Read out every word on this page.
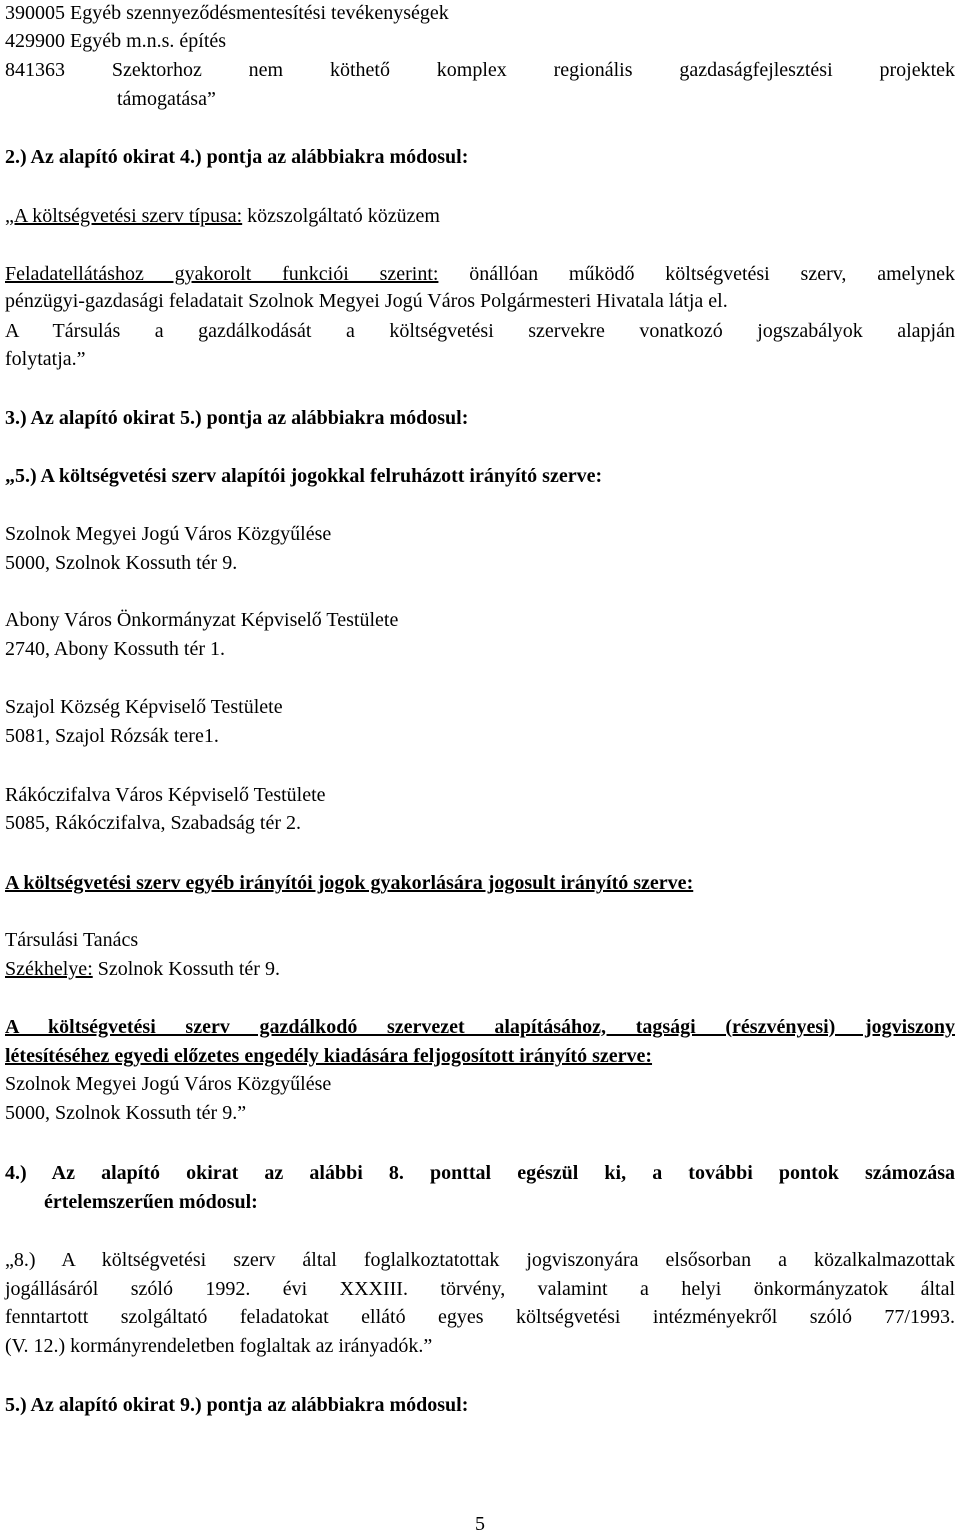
390005 Egyéb szennyeződésmentesítési tevékenységek
429900 Egyéb m.n.s. építés
841363 Szektorhoz nem köthető komplex regionális gazdaságfejlesztési projektek
támogatása”
2.) Az alapító okirat 4.) pontja az alábbiakra módosul:
„A költségvetési szerv típusa: közszolgáltató közüzem
Feladatellátáshoz gyakorolt funkciói szerint: önállóan működő költségvetési szerv, amelynek
pénzügyi-gazdasági feladatait Szolnok Megyei Jogú Város Polgármesteri Hivatala látja el.
A Társulás a gazdálkodását a költségvetési szervekre vonatkozó jogszabályok alapján
folytatja.”
3.) Az alapító okirat 5.) pontja az alábbiakra módosul:
„5.) A költségvetési szerv alapítói jogokkal felruházott irányító szerve:
Szolnok Megyei Jogú Város Közgyűlése
5000, Szolnok Kossuth tér 9.
Abony Város Önkormányzat Képviselő Testülete
2740, Abony Kossuth tér 1.
Szajol Község Képviselő Testülete
5081, Szajol Rózsák tere1.
Rákóczifalva Város Képviselő Testülete
5085, Rákóczifalva, Szabadság tér 2.
A költségvetési szerv egyéb irányítói jogok gyakorlására jogosult irányító szerve:
Társulási Tanács
Székhelye: Szolnok Kossuth tér 9.
A költségvetési szerv gazdálkodó szervezet alapításához, tagsági (részvényesi) jogviszony
létesítéséhez egyedi előzetes engedély kiadására feljogosított irányító szerve:
Szolnok Megyei Jogú Város Közgyűlése
5000, Szolnok Kossuth tér 9.”
4.) Az alapító okirat az alábbi 8. ponttal egészül ki, a további pontok számozása
értelemszerűen módosul:
„8.) A költségvetési szerv által foglalkoztatottak jogviszonyára elsősorban a közalkalmazottak
jogállásáról szóló 1992. évi XXXIII. törvény, valamint a helyi önkormányzatok által
fenntartott szolgáltató feladatokat ellátó egyes költségvetési intézményekről szóló 77/1993.
(V. 12.) kormányrendeletben foglaltak az irányadók.”
5.) Az alapító okirat 9.) pontja az alábbiakra módosul:
5
